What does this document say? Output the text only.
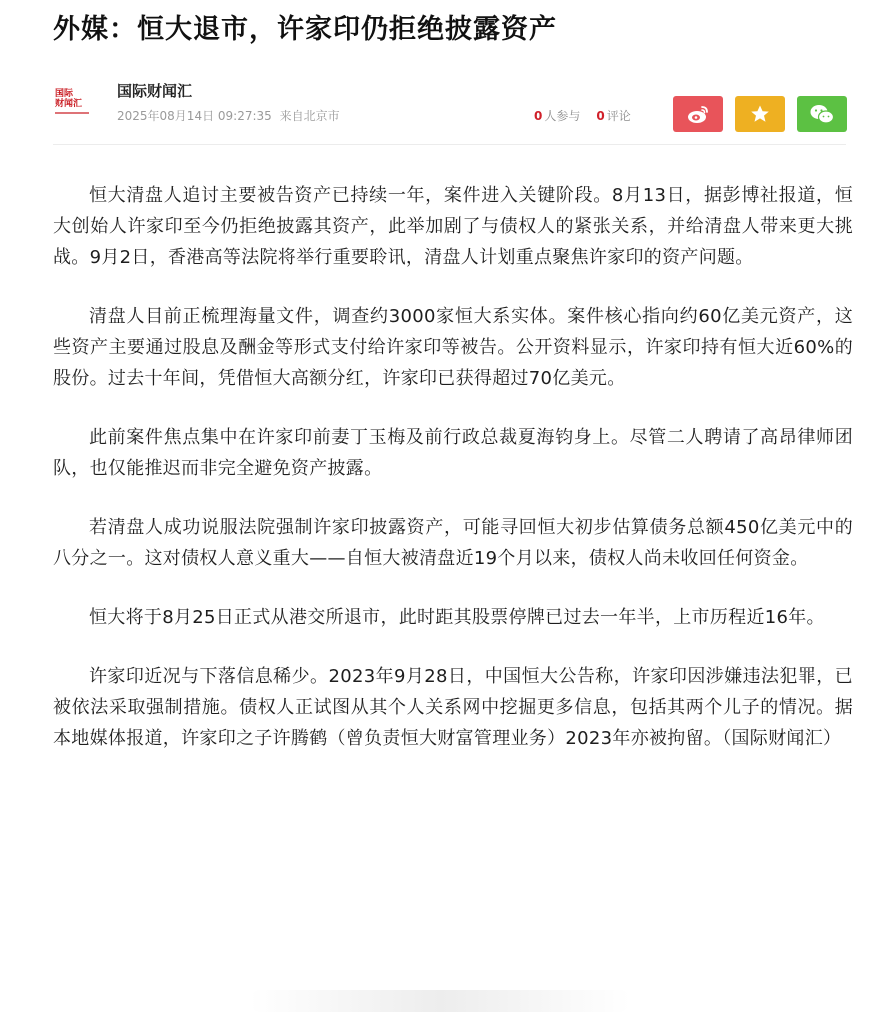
外媒：恒大退市，许家印仍拒绝披露资产
国际
财闻汇
国际财闻汇
2025年08月14日 09:27:35 来自北京市	0 人参与 0 评论

恒大清盘人追讨主要被告资产已持续一年，案件进入关键阶段。8月13日，据彭博社报道，恒大创始人许家印至今仍拒绝披露其资产，此举加剧了与债权人的紧张关系，并给清盘人带来更大挑战。9月2日，香港高等法院将举行重要聆讯，清盘人计划重点聚焦许家印的资产问题。

清盘人目前正梳理海量文件，调查约3000家恒大系实体。案件核心指向约60亿美元资产，这些资产主要通过股息及酬金等形式支付给许家印等被告。公开资料显示，许家印持有恒大近60%的股份。过去十年间，凭借恒大高额分红，许家印已获得超过70亿美元。

此前案件焦点集中在许家印前妻丁玉梅及前行政总裁夏海钧身上。尽管二人聘请了高昂律师团队，也仅能推迟而非完全避免资产披露。

若清盘人成功说服法院强制许家印披露资产，可能寻回恒大初步估算债务总额450亿美元中的八分之一。这对债权人意义重大——自恒大被清盘近19个月以来，债权人尚未收回任何资金。

恒大将于8月25日正式从港交所退市，此时距其股票停牌已过去一年半，上市历程近16年。

许家印近况与下落信息稀少。2023年9月28日，中国恒大公告称，许家印因涉嫌违法犯罪，已被依法采取强制措施。债权人正试图从其个人关系网中挖掘更多信息，包括其两个儿子的情况。据本地媒体报道，许家印之子许腾鹤（曾负责恒大财富管理业务）2023年亦被拘留。（国际财闻汇）
